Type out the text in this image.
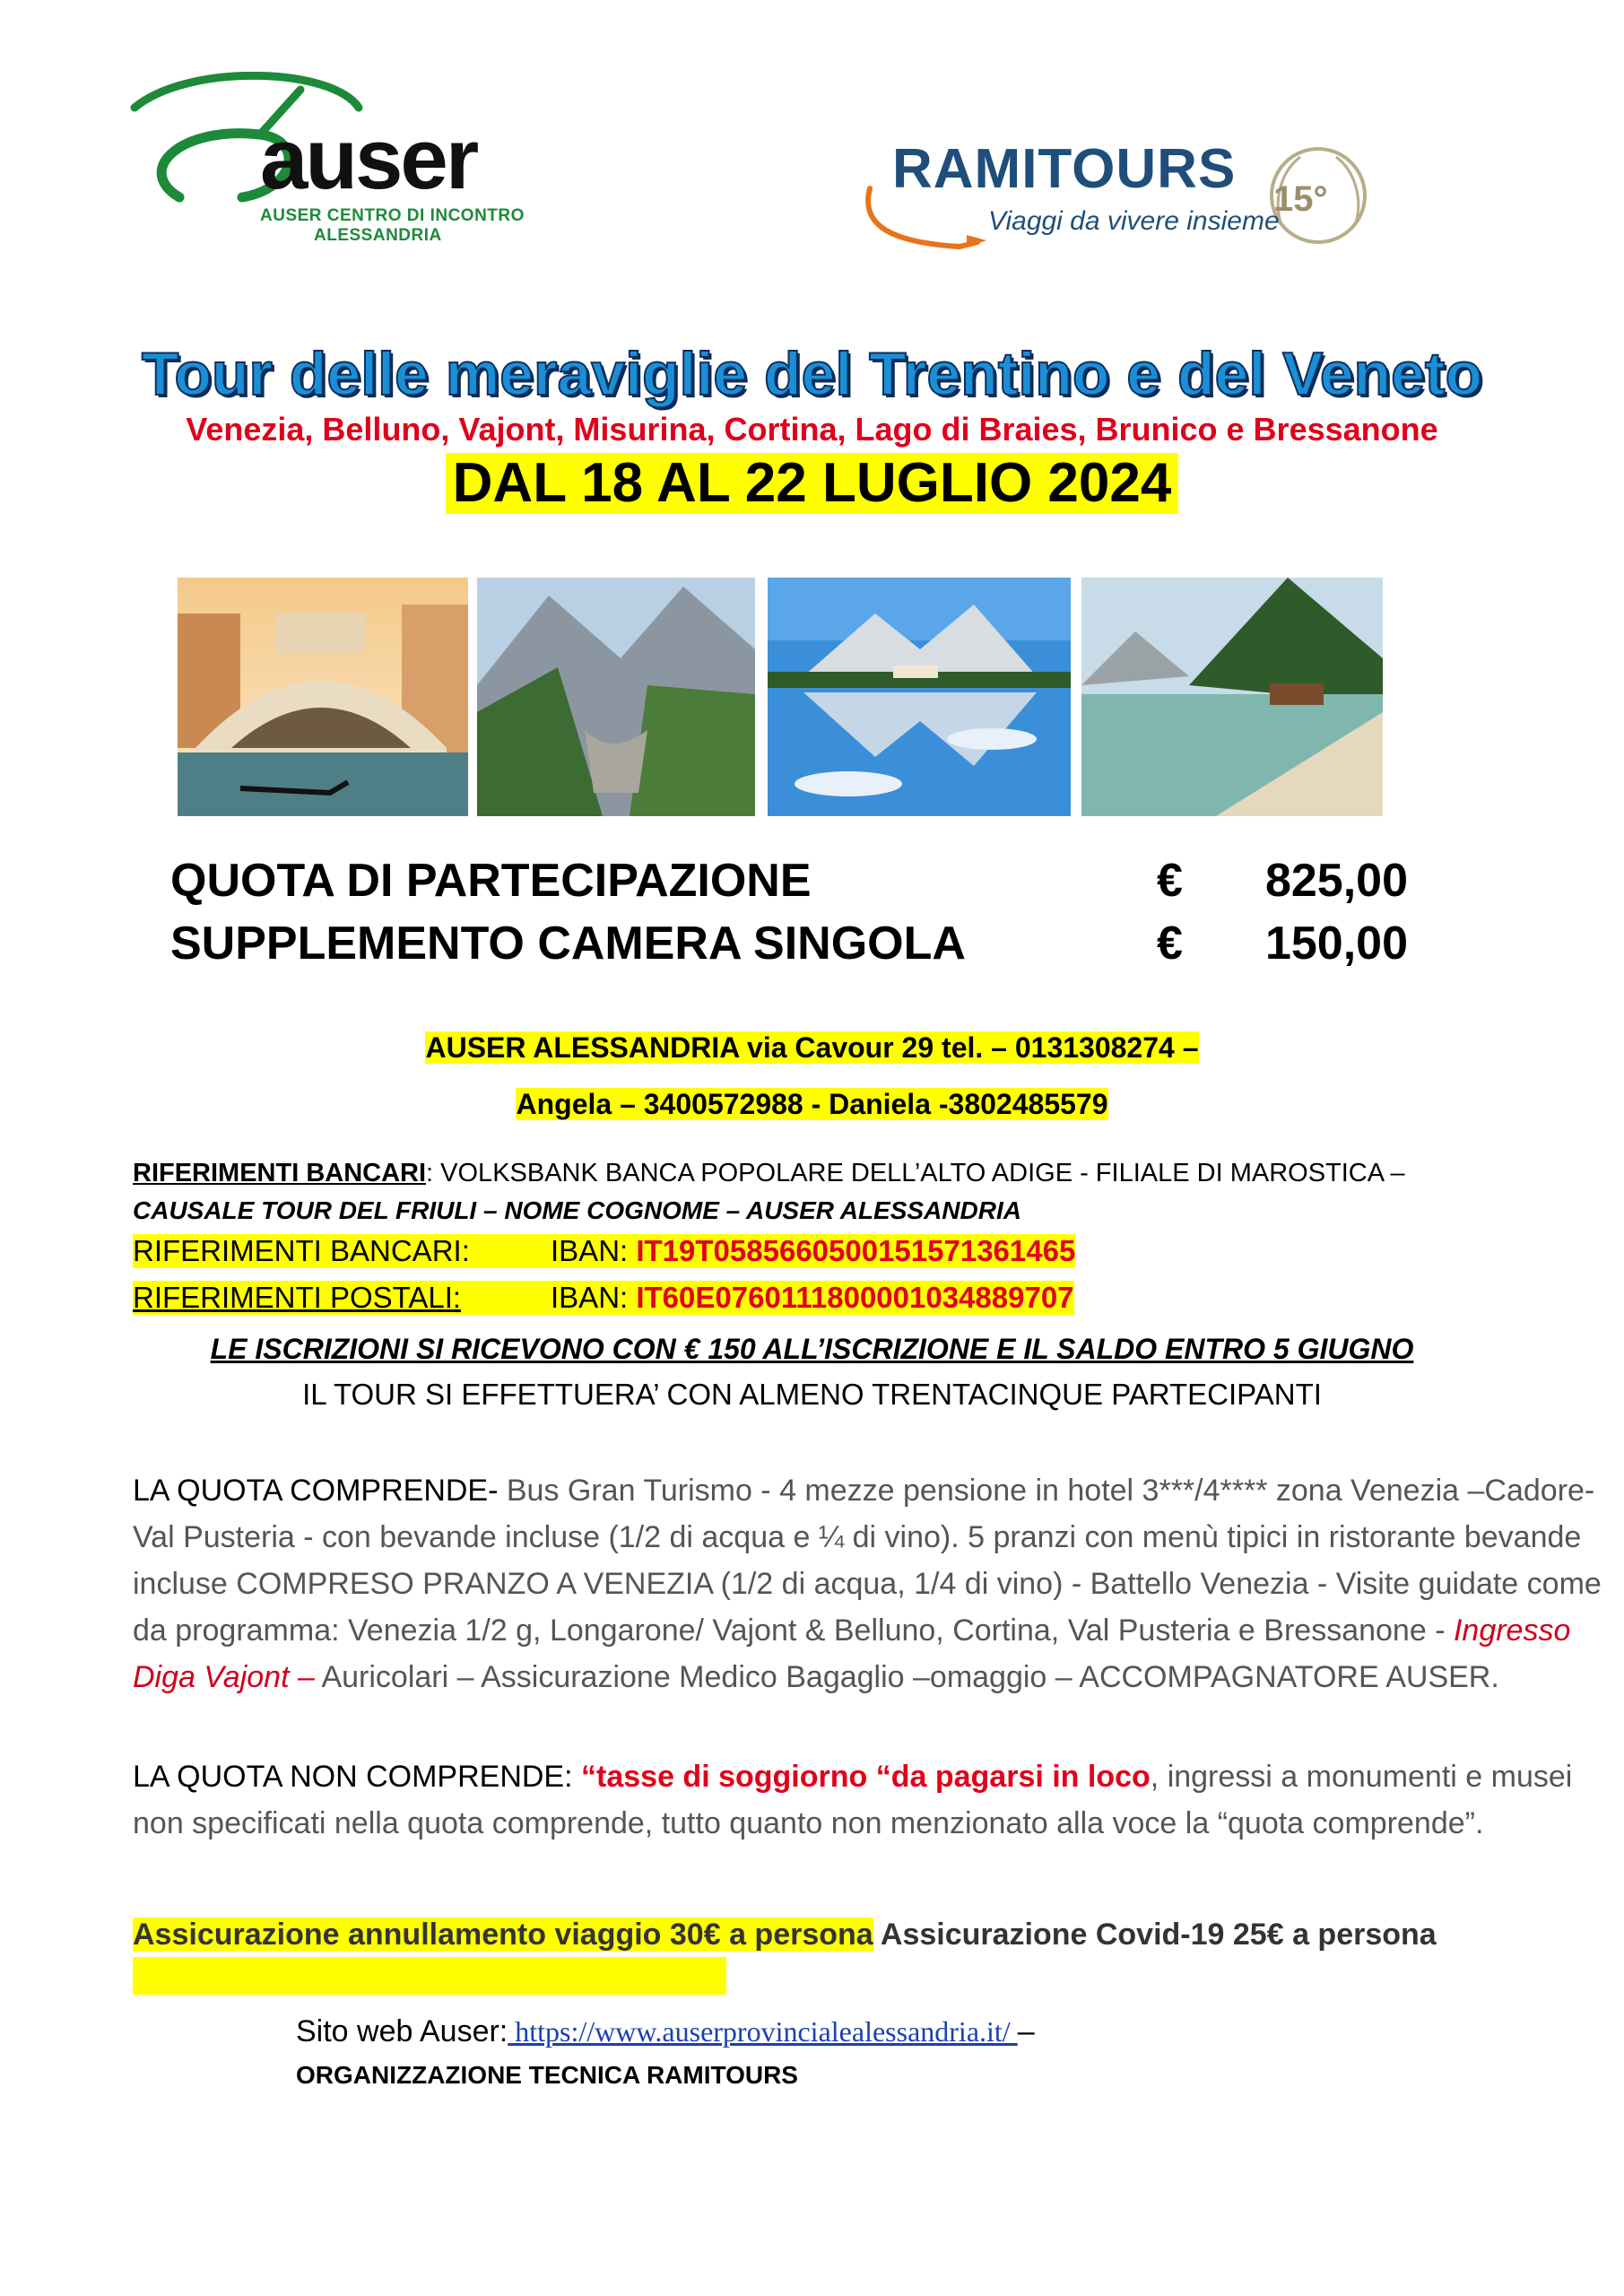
auser
AUSER CENTRO DI INCONTRO
ALESSANDRIA
RAMITOURS
Viaggi da vivere insieme
15°
Tour delle meraviglie del Trentino e del Veneto
Venezia, Belluno, Vajont, Misurina, Cortina, Lago di Braies, Brunico e Bressanone
DAL 18 AL 22 LUGLIO 2024
QUOTA DI PARTECIPAZIONE	€	825,00
SUPPLEMENTO CAMERA SINGOLA	€	150,00
AUSER ALESSANDRIA via Cavour 29 tel. – 0131308274 –
Angela – 3400572988 - Daniela -3802485579
RIFERIMENTI BANCARI: VOLKSBANK BANCA POPOLARE DELL’ALTO ADIGE - FILIALE DI MAROSTICA –
CAUSALE TOUR DEL FRIULI – NOME COGNOME – AUSER ALESSANDRIA
RIFERIMENTI BANCARI:	IBAN: IT19T0585660500151571361465
RIFERIMENTI POSTALI:	IBAN: IT60E0760111800001034889707
LE ISCRIZIONI SI RICEVONO CON € 150 ALL’ISCRIZIONE E IL SALDO ENTRO 5 GIUGNO
IL TOUR SI EFFETTUERA’ CON ALMENO TRENTACINQUE PARTECIPANTI
LA QUOTA COMPRENDE- Bus Gran Turismo - 4 mezze pensione in hotel 3***/4**** zona Venezia –Cadore- Val Pusteria - con bevande incluse (1/2 di acqua e ¼ di vino). 5 pranzi con menù tipici in ristorante bevande incluse COMPRESO PRANZO A VENEZIA (1/2 di acqua, 1/4 di vino) - Battello Venezia - Visite guidate come da programma: Venezia 1/2 g, Longarone/ Vajont & Belluno, Cortina, Val Pusteria e Bressanone - Ingresso Diga Vajont – Auricolari – Assicurazione Medico Bagaglio –omaggio – ACCOMPAGNATORE AUSER.
LA QUOTA NON COMPRENDE: “tasse di soggiorno “da pagarsi in loco, ingressi a monumenti e musei non specificati nella quota comprende, tutto quanto non menzionato alla voce la “quota comprende”.
Assicurazione annullamento viaggio 30€ a persona Assicurazione Covid-19 25€ a persona
Sito web Auser: https://www.auserprovincialealessandria.it/ –
ORGANIZZAZIONE TECNICA RAMITOURS
